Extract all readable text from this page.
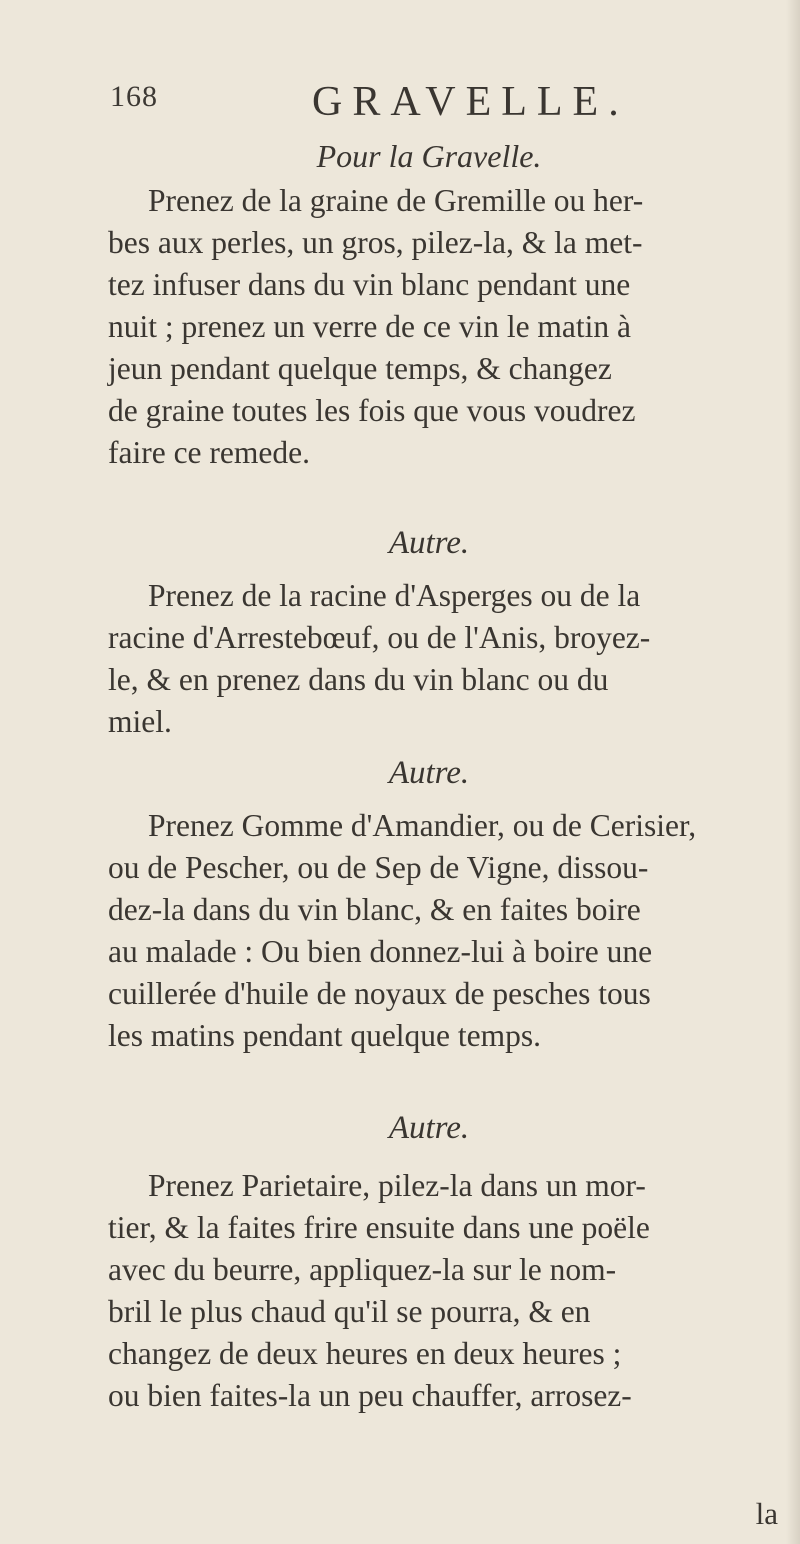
168	GRAVELLE.
Pour la Gravelle.
Prenez de la graine de Gremille ou her-
bes aux perles, un gros, pilez-la, & la met-
tez infuser dans du vin blanc pendant une
nuit ; prenez un verre de ce vin le matin à
jeun pendant quelque temps, & changez
de graine toutes les fois que vous voudrez
faire ce remede.
Autre.
Prenez de la racine d'Asperges ou de la
racine d'Arrestebœuf, ou de l'Anis, broyez-
le, & en prenez dans du vin blanc ou du
miel.
Autre.
Prenez Gomme d'Amandier, ou de Cerisier,
ou de Pescher, ou de Sep de Vigne, dissou-
dez-la dans du vin blanc, & en faites boire
au malade : Ou bien donnez-lui à boire une
cuillerée d'huile de noyaux de pesches tous
les matins pendant quelque temps.
Autre.
Prenez Parietaire, pilez-la dans un mor-
tier, & la faites frire ensuite dans une poële
avec du beurre, appliquez-la sur le nom-
bril le plus chaud qu'il se pourra, & en
changez de deux heures en deux heures ;
ou bien faites-la un peu chauffer, arrosez-
la
